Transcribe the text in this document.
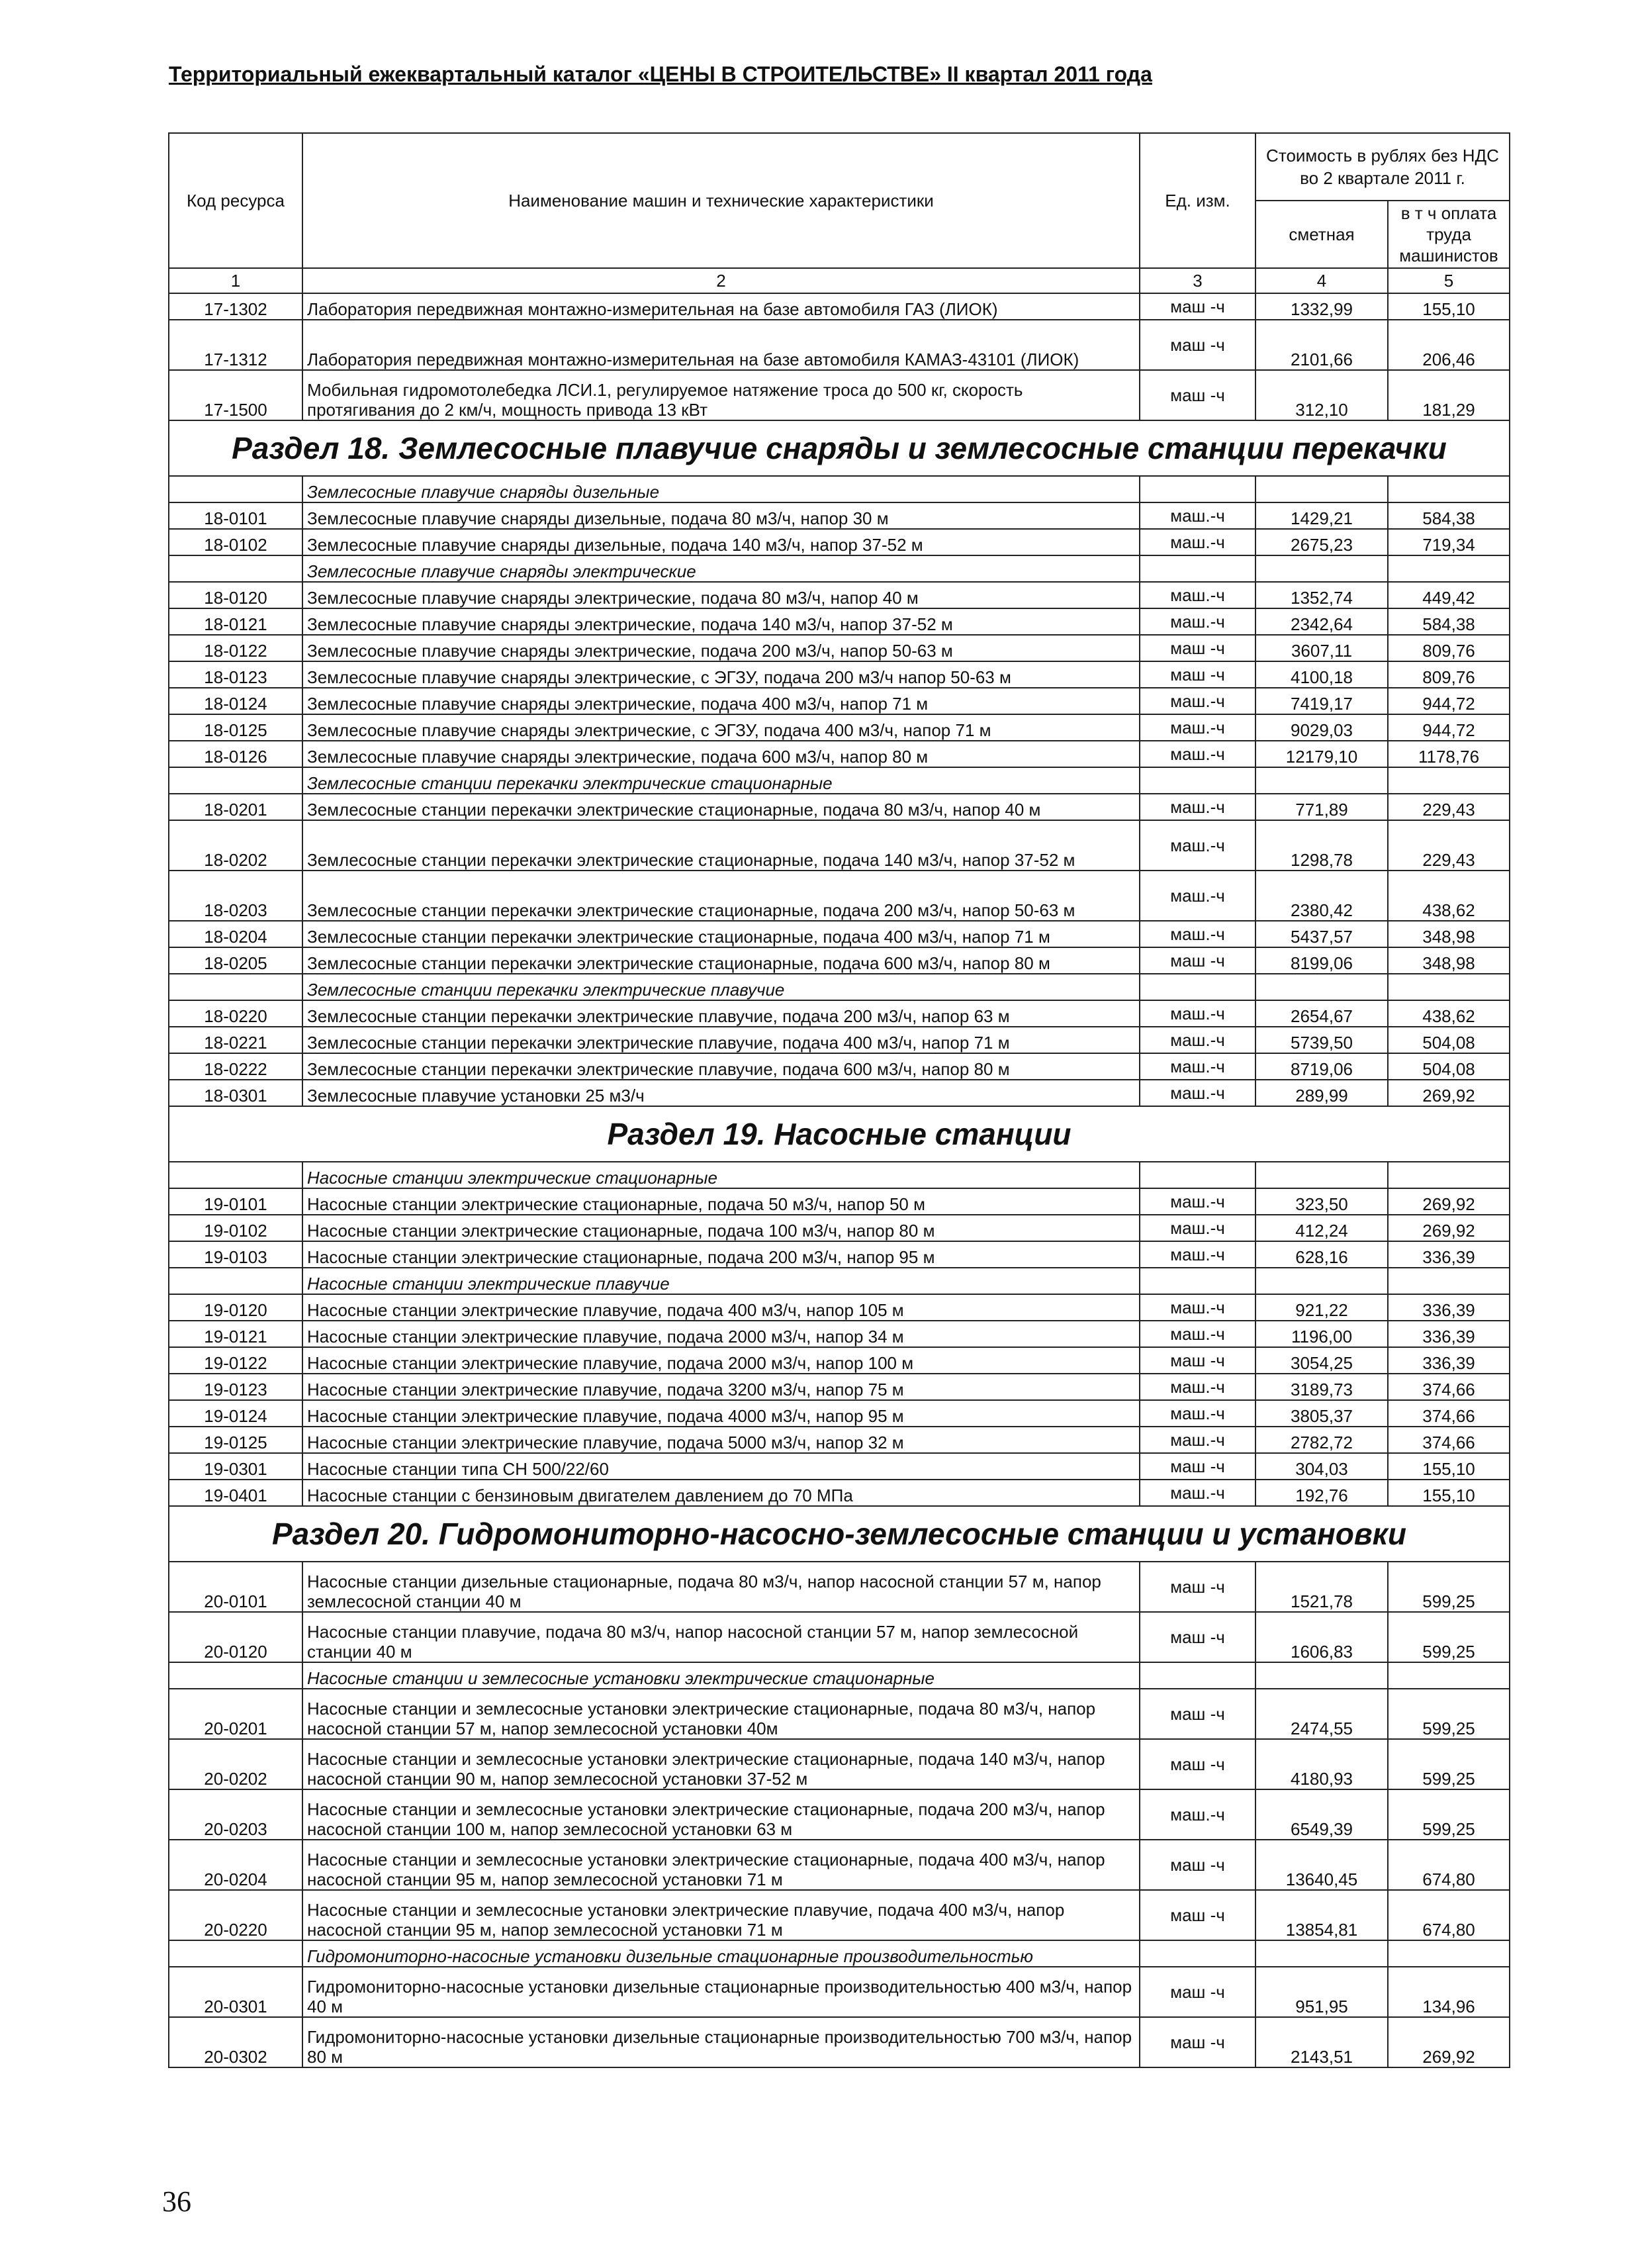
Территориальный ежеквартальный каталог «ЦЕНЫ В СТРОИТЕЛЬСТВЕ» II квартал 2011 года
Код ресурса	Наименование машин и технические характеристики	Ед. изм.	Стоимость в рублях без НДС во 2 квартале 2011 г.	
			сметная	в т ч оплата труда машинистов
1	2	3	4	5
17-1302	Лаборатория передвижная монтажно-измерительная на базе автомобиля ГАЗ (ЛИОК)	маш -ч	1332,99	155,10
17-1312	Лаборатория передвижная монтажно-измерительная на базе автомобиля КАМАЗ-43101 (ЛИОК)	маш -ч	2101,66	206,46
17-1500	Мобильная гидромотолебедка ЛСИ.1, регулируемое натяжение троса до 500 кг, скорость протягивания до 2 км/ч, мощность привода 13 кВт	маш -ч	312,10	181,29
Раздел 18. Землесосные плавучие снаряды и землесосные станции перекачки				
	Землесосные плавучие снаряды дизельные			
18-0101	Землесосные плавучие снаряды дизельные, подача 80 м3/ч, напор 30 м	маш.-ч	1429,21	584,38
18-0102	Землесосные плавучие снаряды дизельные, подача 140 м3/ч, напор 37-52 м	маш.-ч	2675,23	719,34
	Землесосные плавучие снаряды электрические			
18-0120	Землесосные плавучие снаряды электрические, подача 80 м3/ч, напор 40 м	маш.-ч	1352,74	449,42
18-0121	Землесосные плавучие снаряды электрические, подача 140 м3/ч, напор 37-52 м	маш.-ч	2342,64	584,38
18-0122	Землесосные плавучие снаряды электрические, подача 200 м3/ч, напор 50-63 м	маш -ч	3607,11	809,76
18-0123	Землесосные плавучие снаряды электрические, с ЭГЗУ, подача 200 м3/ч напор 50-63 м	маш -ч	4100,18	809,76
18-0124	Землесосные плавучие снаряды электрические, подача 400 м3/ч, напор 71 м	маш.-ч	7419,17	944,72
18-0125	Землесосные плавучие снаряды электрические, с ЭГЗУ, подача 400 м3/ч, напор 71 м	маш.-ч	9029,03	944,72
18-0126	Землесосные плавучие снаряды электрические, подача 600 м3/ч, напор 80 м	маш.-ч	12179,10	1178,76
	Землесосные станции перекачки электрические стационарные			
18-0201	Землесосные станции перекачки электрические стационарные, подача 80 м3/ч, напор 40 м	маш.-ч	771,89	229,43
18-0202	Землесосные станции перекачки электрические стационарные, подача 140 м3/ч, напор 37-52 м	маш.-ч	1298,78	229,43
18-0203	Землесосные станции перекачки электрические стационарные, подача 200 м3/ч, напор 50-63 м	маш.-ч	2380,42	438,62
18-0204	Землесосные станции перекачки электрические стационарные, подача 400 м3/ч, напор 71 м	маш.-ч	5437,57	348,98
18-0205	Землесосные станции перекачки электрические стационарные, подача 600 м3/ч, напор 80 м	маш -ч	8199,06	348,98
	Землесосные станции перекачки электрические плавучие			
18-0220	Землесосные станции перекачки электрические плавучие, подача 200 м3/ч, напор 63 м	маш.-ч	2654,67	438,62
18-0221	Землесосные станции перекачки электрические плавучие, подача 400 м3/ч, напор 71 м	маш.-ч	5739,50	504,08
18-0222	Землесосные станции перекачки электрические плавучие, подача 600 м3/ч, напор 80 м	маш.-ч	8719,06	504,08
18-0301	Землесосные плавучие установки 25 м3/ч	маш.-ч	289,99	269,92
Раздел 19. Насосные станции				
	Насосные станции электрические стационарные			
19-0101	Насосные станции электрические стационарные, подача 50 м3/ч, напор 50 м	маш.-ч	323,50	269,92
19-0102	Насосные станции электрические стационарные, подача 100 м3/ч, напор 80 м	маш.-ч	412,24	269,92
19-0103	Насосные станции электрические стационарные, подача 200 м3/ч, напор 95 м	маш.-ч	628,16	336,39
	Насосные станции электрические плавучие			
19-0120	Насосные станции электрические плавучие, подача 400 м3/ч, напор 105 м	маш.-ч	921,22	336,39
19-0121	Насосные станции электрические плавучие, подача 2000 м3/ч, напор 34 м	маш.-ч	1196,00	336,39
19-0122	Насосные станции электрические плавучие, подача 2000 м3/ч, напор 100 м	маш -ч	3054,25	336,39
19-0123	Насосные станции электрические плавучие, подача 3200 м3/ч, напор 75 м	маш.-ч	3189,73	374,66
19-0124	Насосные станции электрические плавучие, подача 4000 м3/ч, напор 95 м	маш.-ч	3805,37	374,66
19-0125	Насосные станции электрические плавучие, подача 5000 м3/ч, напор 32 м	маш.-ч	2782,72	374,66
19-0301	Насосные станции типа СН 500/22/60	маш -ч	304,03	155,10
19-0401	Насосные станции с бензиновым двигателем давлением до 70 МПа	маш.-ч	192,76	155,10
Раздел 20. Гидромониторно-насосно-землесосные станции и установки				
20-0101	Насосные станции дизельные стационарные, подача 80 м3/ч, напор насосной станции 57 м, напор землесосной станции 40 м	маш -ч	1521,78	599,25
20-0120	Насосные станции плавучие, подача 80 м3/ч, напор насосной станции 57 м, напор землесосной станции 40 м	маш -ч	1606,83	599,25
	Насосные станции и землесосные установки электрические стационарные			
20-0201	Насосные станции и землесосные установки электрические стационарные, подача 80 м3/ч, напор насосной станции 57 м, напор землесосной установки 40м	маш -ч	2474,55	599,25
20-0202	Насосные станции и землесосные установки электрические стационарные, подача 140 м3/ч, напор насосной станции 90 м, напор землесосной установки 37-52 м	маш -ч	4180,93	599,25
20-0203	Насосные станции и землесосные установки электрические стационарные, подача 200 м3/ч, напор насосной станции 100 м, напор землесосной установки 63 м	маш.-ч	6549,39	599,25
20-0204	Насосные станции и землесосные установки электрические стационарные, подача 400 м3/ч, напор насосной станции 95 м, напор землесосной установки 71 м	маш -ч	13640,45	674,80
20-0220	Насосные станции и землесосные установки электрические плавучие, подача 400 м3/ч, напор насосной станции 95 м, напор землесосной установки 71 м	маш -ч	13854,81	674,80
	Гидромониторно-насосные установки дизельные стационарные производительностью			
20-0301	Гидромониторно-насосные установки дизельные стационарные производительностью 400 м3/ч, напор 40 м	маш -ч	951,95	134,96
20-0302	Гидромониторно-насосные установки дизельные стационарные производительностью 700 м3/ч, напор 80 м	маш -ч	2143,51	269,92
36
